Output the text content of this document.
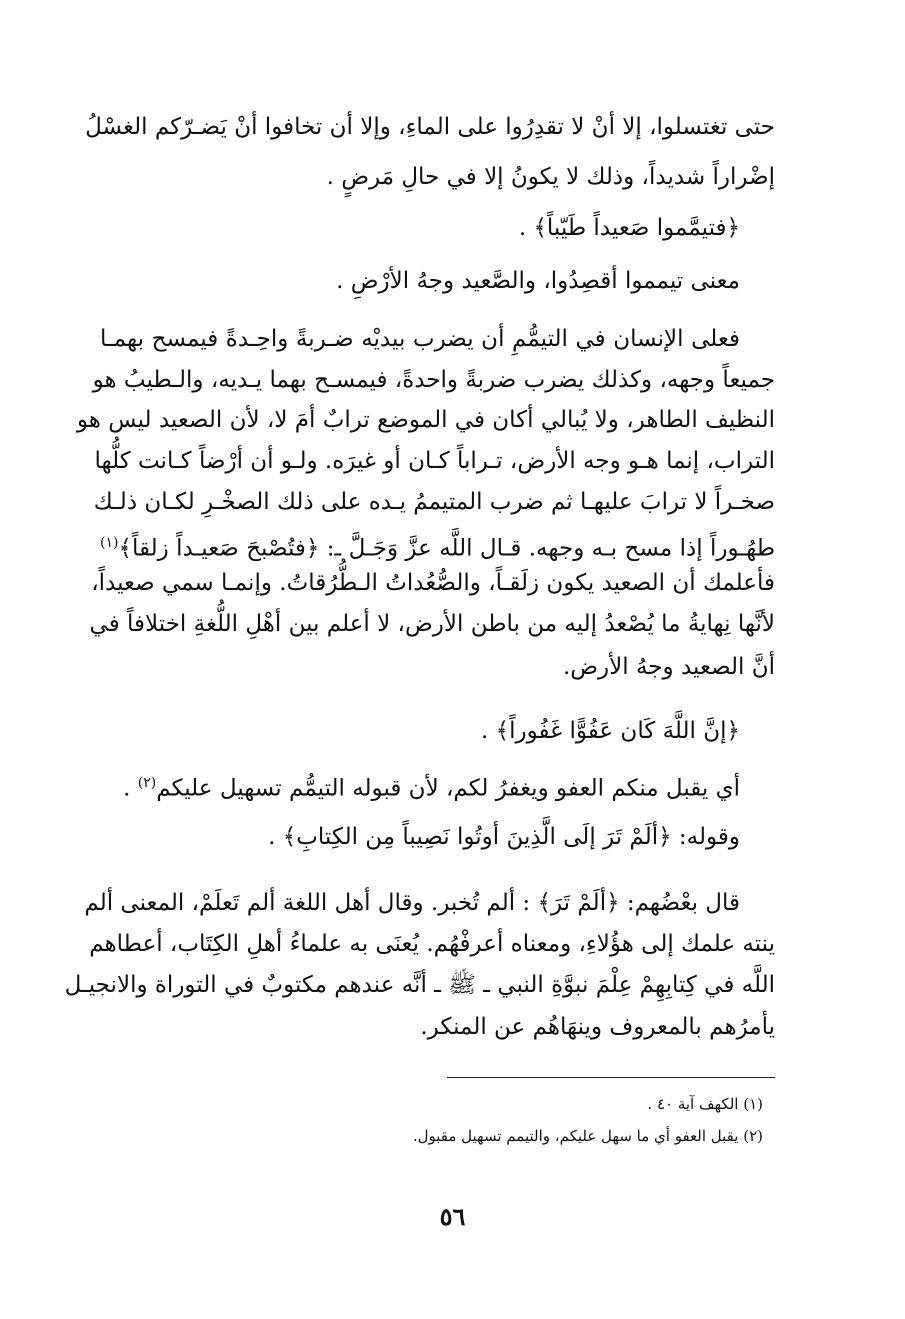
حتى تغتسلوا، إلا أنْ لا تقدِرُوا على الماءِ، وإلا أن تخافوا أنْ يَضـرّكم الغسْلُ
إضْراراً شديداً، وذلك لا يكونُ إلا في حالِ مَرضٍ .
﴿فتيمَّموا صَعيداً طَيّباً﴾ .
معنى تيمموا أقصِدُوا، والصَّعيد وجهُ الأرْضِ .
فعلى الإنسان في التيمُّمِ أن يضرب بيديْه ضـربةً واحِـدةً فيمسح بهمـا
جميعاً وجهه، وكذلك يضرب ضربةً واحدةً، فيمسـح بهما يـديه، والـطيبُ هو
النظيف الطاهر، ولا يُبالي أكان في الموضع ترابٌ أمَ لا، لأن الصعيد ليس هو
التراب، إنما هـو وجه الأرض، تـراباً كـان أو غيرَه. ولـو أن أرْضاً كـانت كلُّها
صخـراً لا ترابَ عليهـا ثم ضرب المتيممُ يـده على ذلك الصخْـرِ لكـان ذلـك
طهُـوراً إذا مسح بـه وجهه. قـال اللَّه عزَّ وَجَـلَّ ـ: ﴿فتُصْبحَ صَعيـداً زلقاً﴾$^{(١)}$
فأعلمك أن الصعيد يكون زلَقـاً، والصُّعُداتُ الـطُّرُقاتُ. وإنمـا سمي صعيداً،
لأنَّها نِهايةُ ما يُصْعدُ إليه من باطن الأرض، لا أعلم بين أهْلِ اللُّغةِ اختلافاً في
أنَّ الصعيد وجهُ الأرض.
﴿إنَّ اللَّهَ كَان عَفُوًّا غَفُوراً﴾ .
أي يقبل منكم العفو ويغفرُ لكم، لأن قبوله التيمُّم تسهيل عليكم$^{(٢)}$ .
وقوله: ﴿ألَمْ تَرَ إلَى الَّذِينَ أوتُوا نَصِيباً مِن الكِتابِ﴾ .
قال بعْضُهم: ﴿ألَمْ تَرَ﴾ : ألم تُخبر. وقال أهل اللغة ألم تَعلَمْ، المعنى ألم
ينته علمك إلى هؤُلاءِ، ومعناه أعرفْهُم. يُعنَى به علماءُ أهلِ الكِتَاب، أعطاهم
اللَّه في كِتابِهِمْ عِلْمَ نبوَّةِ النبي ـ ﷺ ـ أنَّه عندهم مكتوبٌ في التوراة والانجيـل
يأمرُهم بالمعروف وينهَاهُم عن المنكر.
(١) الكهف آية ٤٠ .
(٢) يقبل العفو أي ما سهل عليكم، والتيمم تسهيل مقبول.
٥٦
